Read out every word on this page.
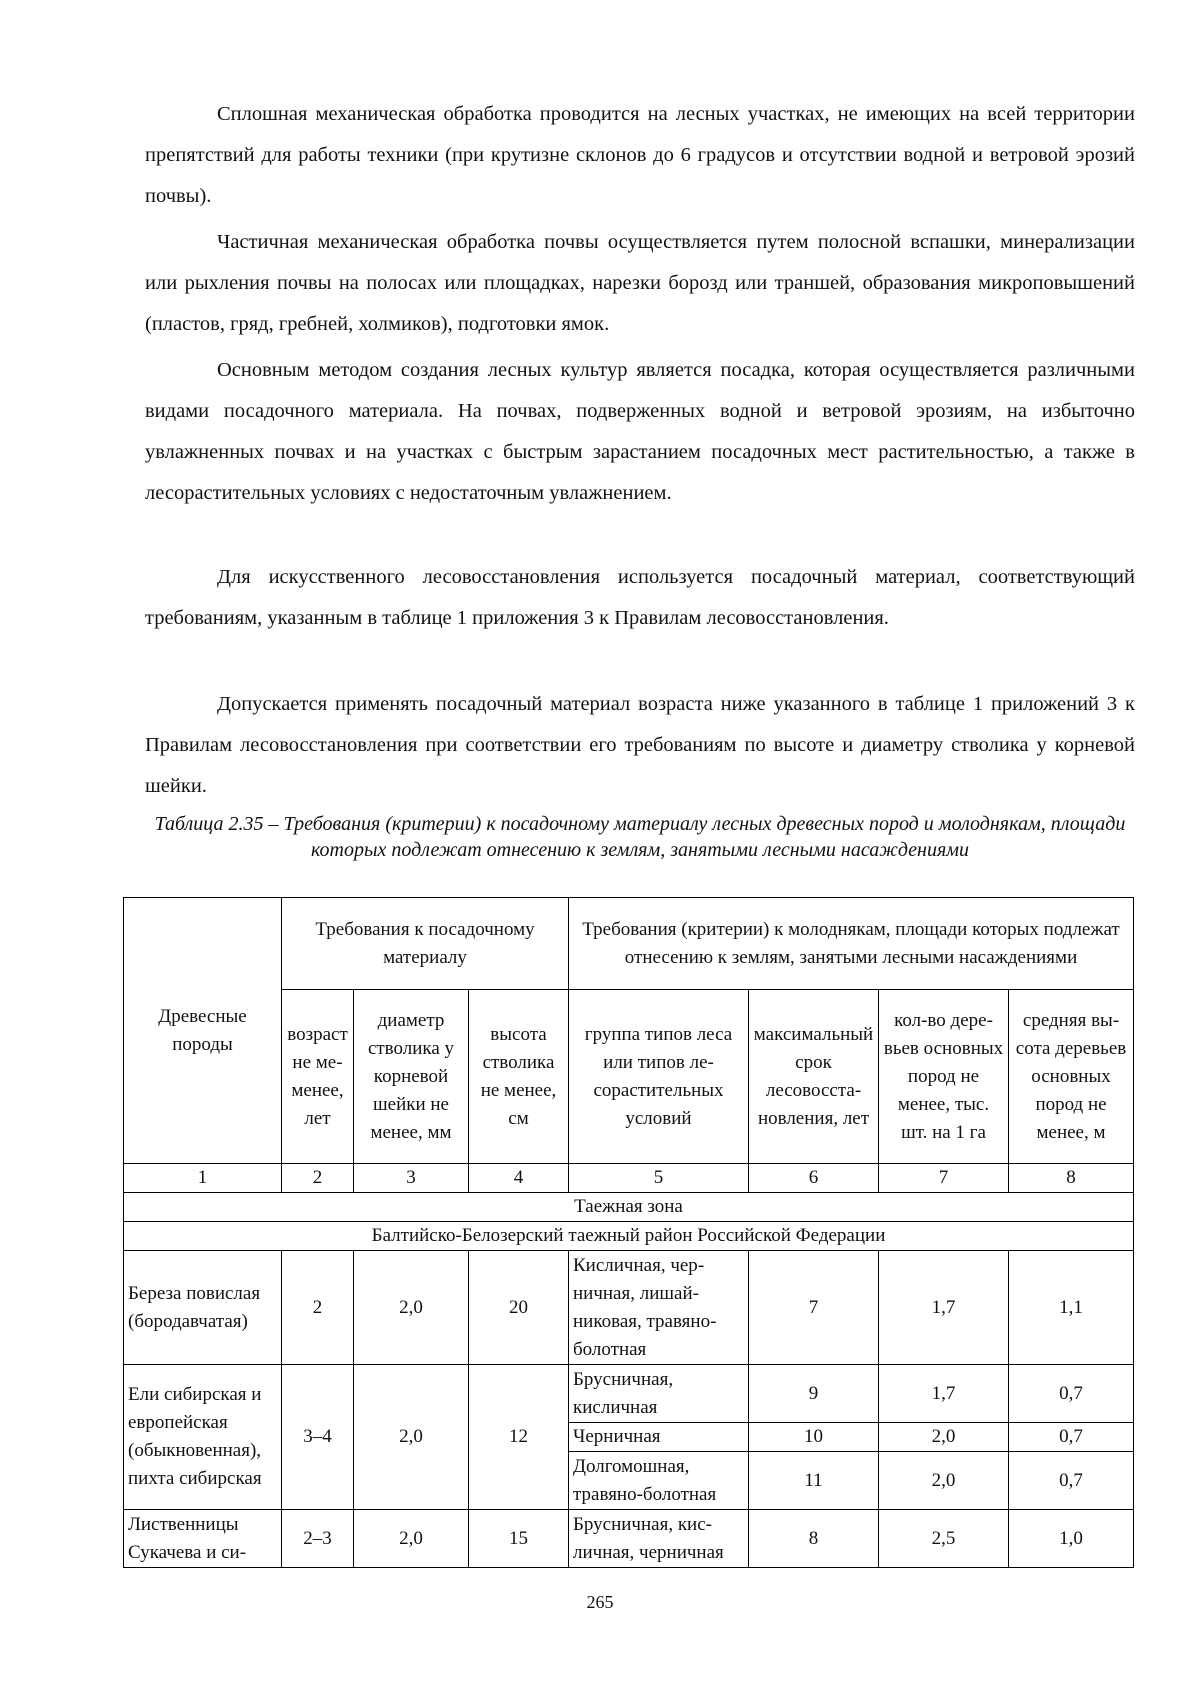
Сплошная механическая обработка проводится на лесных участках, не имеющих на всей территории препятствий для работы техники (при крутизне склонов до 6 градусов и отсутствии водной и ветровой эрозий почвы).

Частичная механическая обработка почвы осуществляется путем полосной вспашки, минерализации или рыхления почвы на полосах или площадках, нарезки борозд или траншей, образования микроповышений (пластов, гряд, гребней, холмиков), подготовки ямок.

Основным методом создания лесных культур является посадка, которая осуществляется различными видами посадочного материала. На почвах, подверженных водной и ветровой эрозиям, на избыточно увлажненных почвах и на участках с быстрым зарастанием посадочных мест растительностью, а также в лесорастительных условиях с недостаточным увлажнением.

Для искусственного лесовосстановления используется посадочный материал, соответствующий требованиям, указанным в таблице 1 приложения 3 к Правилам лесовосстановления.

Допускается применять посадочный материал возраста ниже указанного в таблице 1 приложений 3 к Правилам лесовосстановления при соответствии его требованиям по высоте и диаметру стволика у корневой шейки.

Таблица 2.35 – Требования (критерии) к посадочному материалу лесных древесных пород и молоднякам, площади которых подлежат отнесению к землям, занятыми лесными насаждениями

Древесные породы	Требования к посадочному материалу			Требования (критерии) к молоднякам, площади которых подлежат отнесению к землям, занятыми лесными насаждениями			
	возраст не меменее, лет	диаметр стволика у корневой шейки не менее, мм	высота стволика не менее, см	группа типов леса или типов лесорастительных условий	максимальный срок лесовосстановления, лет	кол-во деревьев основных пород не менее, тыс. шт. на 1 га	средняя высота деревьев основных пород не менее, м
1	2	3	4	5	6	7	8
Таежная зона							
Балтийско-Белозерский таежный район Российской Федерации							
Береза повислая (бородавчатая)	2	2,0	20	Кисличная, черничная, лишайниковая, травяноболотная	7	1,7	1,1
Ели сибирская и европейская (обыкновенная), пихта сибирская	3–4	2,0	12	Брусничная, кисличная	9	1,7	0,7
				Черничная	10	2,0	0,7
				Долгомошная, травяно-болотная	11	2,0	0,7
Лиственницы Сукачева и си-	2–3	2,0	15	Брусничная, кисличная, черничная	8	2,5	1,0
265
